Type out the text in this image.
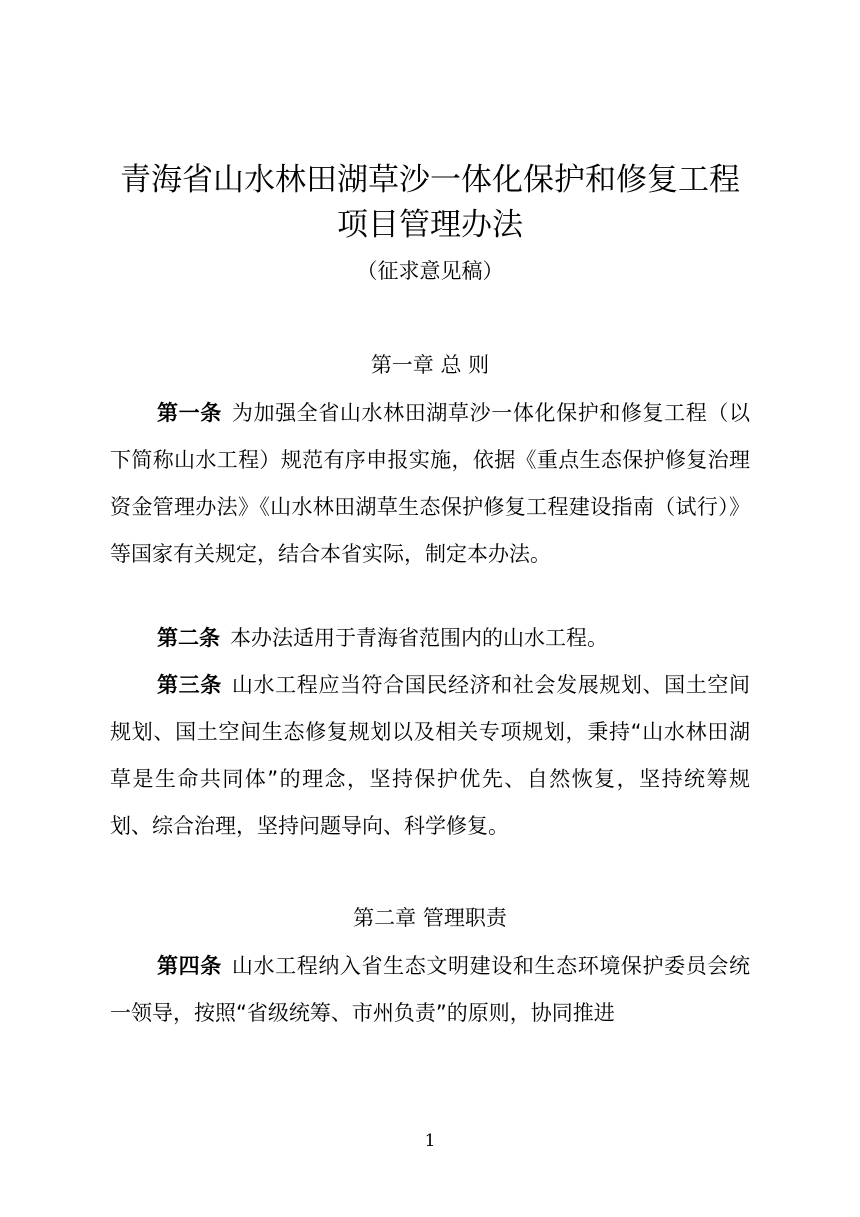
青海省山水林田湖草沙一体化保护和修复工程
项目管理办法
（征求意见稿）
第一章 总 则

第一条 为加强全省山水林田湖草沙一体化保护和修复工程（以下简称山水工程）规范有序申报实施，依据《重点生态保护修复治理资金管理办法》《山水林田湖草生态保护修复工程建设指南（试行）》等国家有关规定，结合本省实际，制定本办法。

第二条 本办法适用于青海省范围内的山水工程。

第三条 山水工程应当符合国民经济和社会发展规划、国土空间规划、国土空间生态修复规划以及相关专项规划，秉持“山水林田湖草是生命共同体”的理念，坚持保护优先、自然恢复，坚持统筹规划、综合治理，坚持问题导向、科学修复。

第二章 管理职责

第四条 山水工程纳入省生态文明建设和生态环境保护委员会统一领导，按照“省级统筹、市州负责”的原则，协同推进

1
